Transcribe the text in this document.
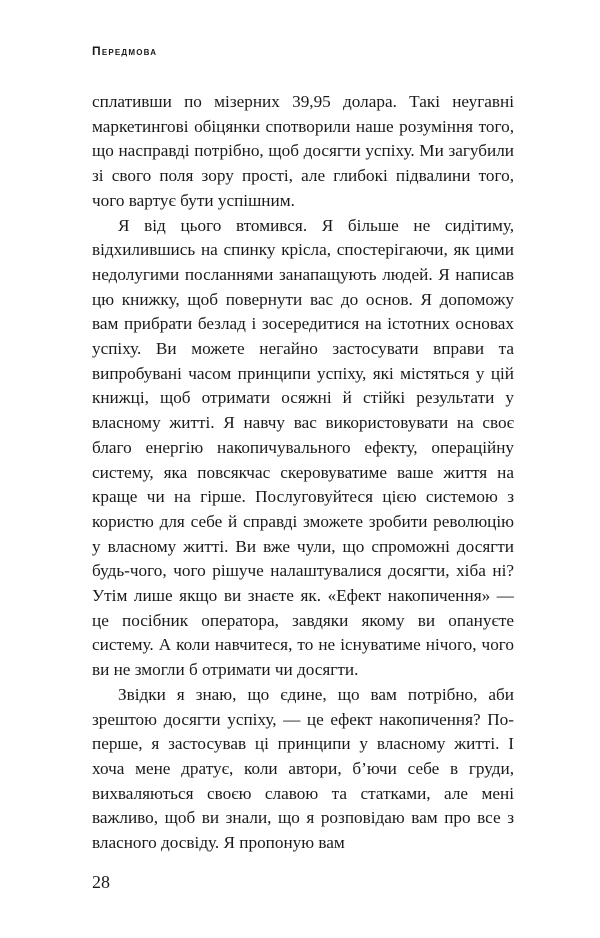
Передмова

сплативши по мізерних 39,95 долара. Такі неугавні маркетингові обіцянки спотворили наше розуміння того, що насправді потрібно, щоб досягти успіху. Ми загубили зі свого поля зору прості, але глибокі підвалини того, чого вартує бути успішним.

Я від цього втомився. Я більше не сидітиму, відхилившись на спинку крісла, спостерігаючи, як цими недолугими посланнями занапащують людей. Я написав цю книжку, щоб повернути вас до основ. Я допоможу вам прибрати безлад і зосередитися на істотних основах успіху. Ви можете негайно застосувати вправи та випробувані часом принципи успіху, які містяться у цій книжці, щоб отримати осяжні й стійкі результати у власному житті. Я навчу вас використовувати на своє благо енергію накопичувального ефекту, операційну систему, яка повсякчас скеровуватиме ваше життя на краще чи на гірше. Послуговуйтеся цією системою з користю для себе й справді зможете зробити революцію у власному житті. Ви вже чули, що спроможні досягти будь-чого, чого рішуче налаштувалися досягти, хіба ні? Утім лише якщо ви знаєте як. «Ефект накопичення» — це посібник оператора, завдяки якому ви опануєте систему. А коли навчитеся, то не існуватиме нічого, чого ви не змогли б отримати чи досягти.

Звідки я знаю, що єдине, що вам потрібно, аби зрештою досягти успіху, — це ефект накопичення? По-перше, я застосував ці принципи у власному житті. І хоча мене дратує, коли автори, б’ючи себе в груди, вихваляються своєю славою та статками, але мені важливо, щоб ви знали, що я розповідаю вам про все з власного досвіду. Я пропоную вам

28
